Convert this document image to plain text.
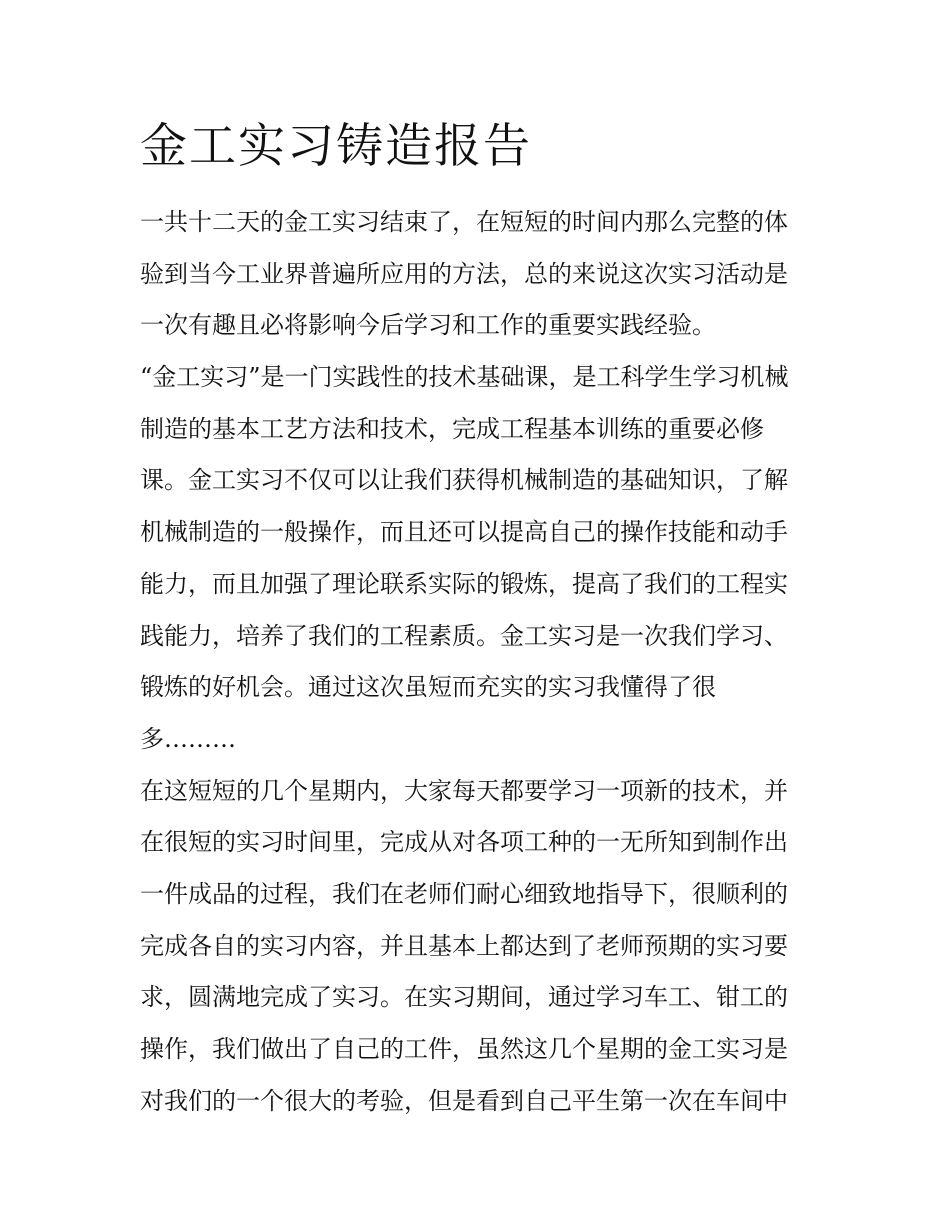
金工实习铸造报告
一共十二天的金工实习结束了，在短短的时间内那么完整的体
验到当今工业界普遍所应用的方法，总的来说这次实习活动是
一次有趣且必将影响今后学习和工作的重要实践经验。
“金工实习”是一门实践性的技术基础课，是工科学生学习机械
制造的基本工艺方法和技术，完成工程基本训练的重要必修
课。金工实习不仅可以让我们获得机械制造的基础知识，了解
机械制造的一般操作，而且还可以提高自己的操作技能和动手
能力，而且加强了理论联系实际的锻炼，提高了我们的工程实
践能力，培养了我们的工程素质。金工实习是一次我们学习、
锻炼的好机会。通过这次虽短而充实的实习我懂得了很
多………
在这短短的几个星期内，大家每天都要学习一项新的技术，并
在很短的实习时间里，完成从对各项工种的一无所知到制作出
一件成品的过程，我们在老师们耐心细致地指导下，很顺利的
完成各自的实习内容，并且基本上都达到了老师预期的实习要
求，圆满地完成了实习。在实习期间，通过学习车工、钳工的
操作，我们做出了自己的工件，虽然这几个星期的金工实习是
对我们的一个很大的考验，但是看到自己平生第一次在车间中
